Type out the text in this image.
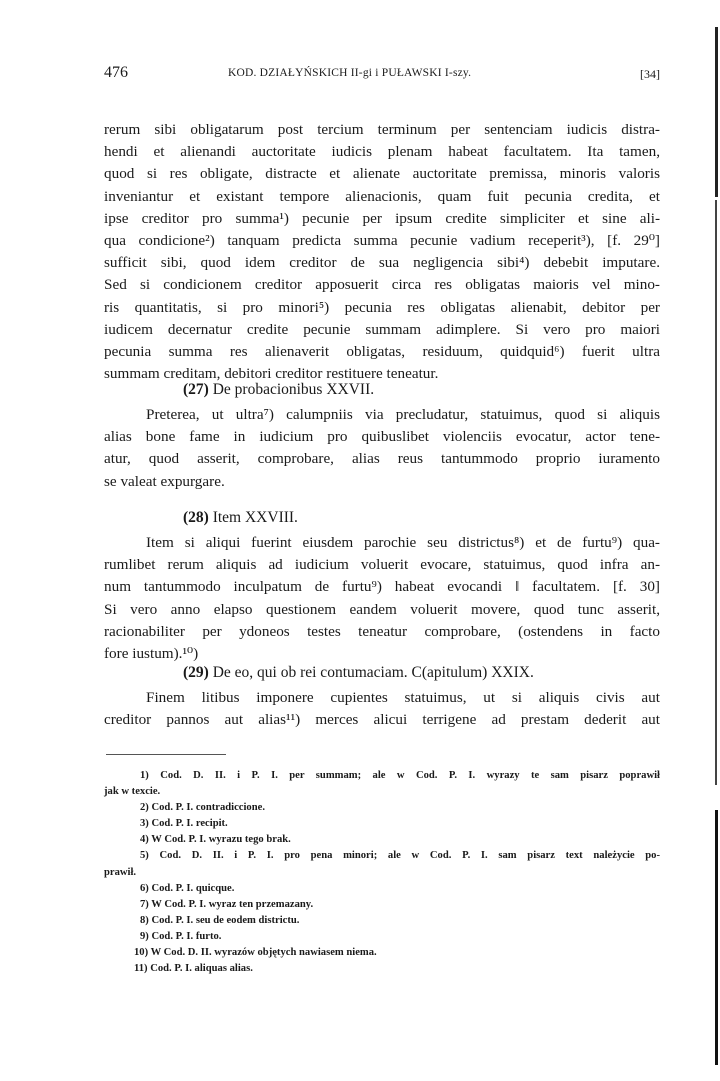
476	KOD. DZIAŁYŃSKICH II-gi i PUŁAWSKI I-szy.	[34]
rerum sibi obligatarum post tercium terminum per sentenciam iudicis distra-
hendi et alienandi auctoritate iudicis plenam habeat facultatem. Ita tamen,
quod si res obligate, distracte et alienate auctoritate premissa, minoris valoris
inveniantur et existant tempore alienacionis, quam fuit pecunia credita, et
ipse creditor pro summa¹) pecunie per ipsum credite simpliciter et sine ali-
qua condicione²) tanquam predicta summa pecunie vadium receperit³), [f. 29⁰]
sufficit sibi, quod idem creditor de sua negligencia sibi⁴) debebit imputare.
Sed si condicionem creditor apposuerit circa res obligatas maioris vel mino-
ris quantitatis, si pro minori⁵) pecunia res obligatas alienabit, debitor per
iudicem decernatur credite pecunie summam adimplere. Si vero pro maiori
pecunia summa res alienaverit obligatas, residuum, quidquid⁶) fuerit ultra
summam creditam, debitori creditor restituere teneatur.
(27) De probacionibus XXVII.
Preterea, ut ultra⁷) calumpniis via precludatur, statuimus, quod si aliquis
alias bone fame in iudicium pro quibuslibet violenciis evocatur, actor tene-
atur, quod asserit, comprobare, alias reus tantummodo proprio iuramento
se valeat expurgare.
(28) Item XXVIII.
Item si aliqui fuerint eiusdem parochie seu districtus⁸) et de furtu⁹) qua-
rumlibet rerum aliquis ad iudicium voluerit evocare, statuimus, quod infra an-
num tantummodo inculpatum de furtu⁹) habeat evocandi ‖ facultatem. [f. 30]
Si vero anno elapso questionem eandem voluerit movere, quod tunc asserit,
racionabiliter per ydoneos testes teneatur comprobare, (ostendens in facto
fore iustum).¹⁰)
(29) De eo, qui ob rei contumaciam. C(apitulum) XXIX.
Finem litibus imponere cupientes statuimus, ut si aliquis civis aut
creditor pannos aut alias¹¹) merces alicui terrigene ad prestam dederit aut
1) Cod. D. II. i P. I. per summam; ale w Cod. P. I. wyrazy te sam pisarz poprawił
jak w texcie.
2) Cod. P. I. contradiccione.
3) Cod. P. I. recipit.
4) W Cod. P. I. wyrazu tego brak.
5) Cod. D. II. i P. I. pro pena minori; ale w Cod. P. I. sam pisarz text należycie po-
prawił.
6) Cod. P. I. quicque.
7) W Cod. P. I. wyraz ten przemazany.
8) Cod. P. I. seu de eodem districtu.
9) Cod. P. I. furto.
10) W Cod. D. II. wyrazów objętych nawiasem niema.
11) Cod. P. I. aliquas alias.
